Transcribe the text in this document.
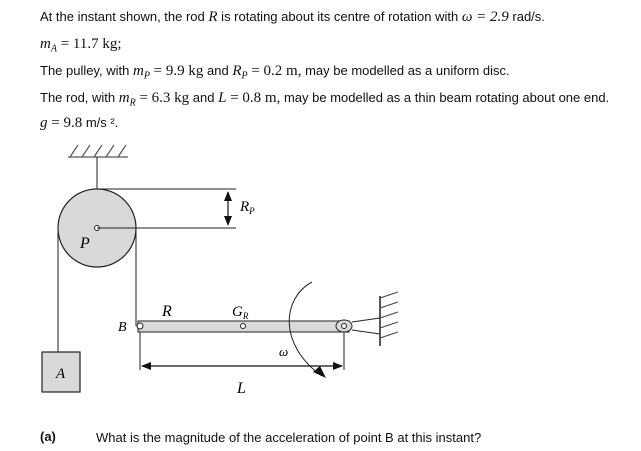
At the instant shown, the rod R is rotating about its centre of rotation with ω = 2.9 rad/s.
$m_A = 11.7$ kg;
The pulley, with $m_P = 9.9$ kg and $R_P = 0.2$ m, may be modelled as a uniform disc.
The rod, with $m_R = 6.3$ kg and L = 0.8 m, may be modelled as a thin beam rotating about one end.
g = 9.8 m/s ².
P
A
B
R	$G_R$
$R_P$
ω
L
(a)	What is the magnitude of the acceleration of point B at this instant?
